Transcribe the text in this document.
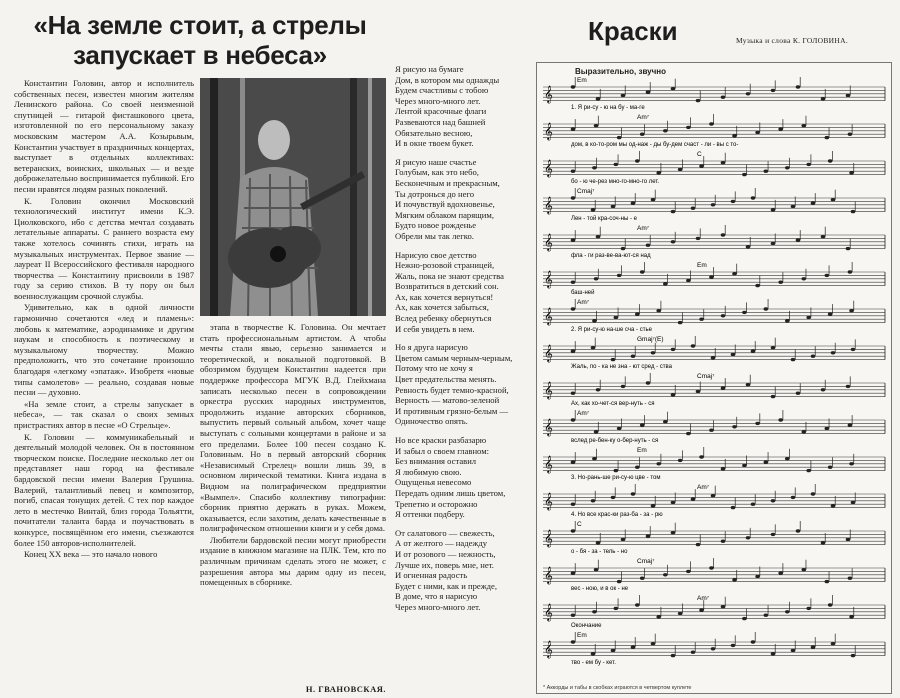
«На земле стоит, а стрелы запускает в небеса»

Константин Головин, автор и исполнитель собственных песен, известен многим жителям Ленинского района. Со своей неизменной спутницей — гитарой фисташкового цвета, изготовленной по его персональному заказу московским мастером А.А. Козырьвым, Константин участвует в праздничных концертах, выступает в отдельных коллективах: ветеранских, воинских, школьных — и везде доброжелательно воспринимается публикой. Его песни нравятся людям разных поколений.

К. Головин окончил Московский технологический институт имени К.Э. Циолковского, ибо с детства мечтал создавать летательные аппараты. С раннего возраста ему также хотелось сочинять стихи, играть на музыкальных инструментах. Первое звание — лауреат II Всероссийского фестиваля народного творчества — Константину присвоили в 1987 году за серию стихов. В ту пору он был военнослужащим срочной службы.

Удивительно, как в одной личности гармонично сочетаются «лед и пламень»: любовь к математике, аэродинамике и другим наукам и способность к поэтическому и музыкальному творчеству. Можно предположить, что это сочетание произошло благодаря «легкому «эпатаж». Изобретя «новые типы самолетов» — реально, создавая новые песни — духовно.

«На земле стоит, а стрелы запускает в небеса», — так сказал о своих земных пристрастиях автор в песне «О Стрельце».

К. Головин — коммуникабельный и деятельный молодой человек. Он в постоянном творческом поиске. Последние несколько лет он представляет наш город на фестивале бардовской песни имени Валерия Грушина. Валерий, талантливый певец и композитор, погиб, спасая тонущих детей. С тех пор каждое лето в местечко Винтай, близ города Тольятти, почитатели таланта барда и поучаствовать в конкурсе, посвящённом его имени, съезжаются более 150 авторов-исполнителей.

Конец XX века — это начало нового

этапа в творчестве К. Головина. Он мечтает стать профессиональным артистом. А чтобы мечты стали явью, серьезно занимается и теоретической, и вокальной подготовкой. В обозримом будущем Константин надеется при поддержке профессора МГУК В.Д. Глейхмана записать несколько песен в сопровождении оркестра русских народных инструментов, продолжить издание авторских сборников, выпустить первый сольный альбом, хочет чаще выступать с сольными концертами в районе и за его пределами. Более 100 песен создано К. Головиным. Но в первый авторский сборник «Независимый Стрелец» вошли лишь 39, в основном лирической тематики. Книга издана в Видном на полиграфическом предприятии «Вымпел». Спасибо коллективу типографии: сборник приятно держать в руках. Можем, оказывается, если захотим, делать качественные в полиграфическом отношении книги и у себя дома.

Любители бардовской песни могут приобрести издание в книжном магазине на ПЛК. Тем, кто по различным причинам сделать этого не может, с разрешения автора мы дарим одну из песен, помещенных в сборнике.

Н. ГВАНОВСКАЯ.

Я рисую на бумаге

Дом, в котором мы однажды

Будем счастливы с тобою

Через много-много лет.

Лентой красочные флаги

Развеваются над башней

Обязательно весною,

И в окне твоем букет.

Я рисую наше счастье

Голубым, как это небо,

Бесконечным и прекрасным,

Ты дотронься до него

И почувствуй вдохновенье,

Мягким облаком парящим,

Будто новое рожденье

Обрели мы так легко.

Нарисую свое детство

Нежно-розовой страницей,

Жаль, пока не знают средства

Возвратиться в детский сон.

Ах, как хочется вернуться!

Ах, как хочется забыться,

Вслед ребенку обернуться

И себя увидеть в нем.

Но я друга нарисую

Цветом самым черным-черным,

Потому что не хочу я

Цвет предательства менять.

Ревность будет темно-красной,

Верность — матово-зеленой

И противным грязно-белым —

Одиночество опять.

Но все краски разбазарю

И забыл о своем главном:

Без внимания оставил

Я любимую свою.

Ощущенья невесомо

Передать одним лишь цветом,

Трепетно и осторожно

Я оттенки подберу.

От салатового — свежесть,

А от желтого — надежду

И от розового — нежность,

Лучше их, поверь мне, нет.

И огненная радость

Будет с ними, как и прежде,

В доме, что я нарисую

Через много-много лет.

Краски	Музыка и слова К. ГОЛОВИНА.
Выразительно, звучно
𝄞
Em
1. Я ри-су - ю на бу - ма-ге
𝄞
Am⁷
дом, в ко-то-ром мы од-наж - ды бу-дем счаст - ли - вы с то-
𝄞
C
бо - ю че-рез мно-го-мно-го лет.
𝄞
Cmaj⁷
Лен - той кра-соч-ны - е
𝄞
Am⁷
фла - ги раз-ве-ва-ют-ся над
𝄞
Em
баш-ней
𝄞
Am⁷
2. Я ри-су-ю на-ше сча - стье
𝄞
Gmaj⁷(E)
Жаль, по - ка не зна - ют сред - ства
𝄞
Cmaj⁷
Ах, как хо-чет-ся вер-нуть - ся
𝄞
Am⁷
вслед ре-бен-ку о-бер-нуть - ся
𝄞
Em
3. Но-рань-ше ри-су-ю цве - том
𝄞
Am⁷
4. Но все крас-ки раз-ба - за - рю
𝄞
C
о - бя - за - тель - но
𝄞
Cmaj⁷
вес - ною, и в ок - не
𝄞
Am⁷
Окончание
𝄞
Em
тво - ем бу - кет.
* Аккорды и табы в скобках играются в четвертом куплете
